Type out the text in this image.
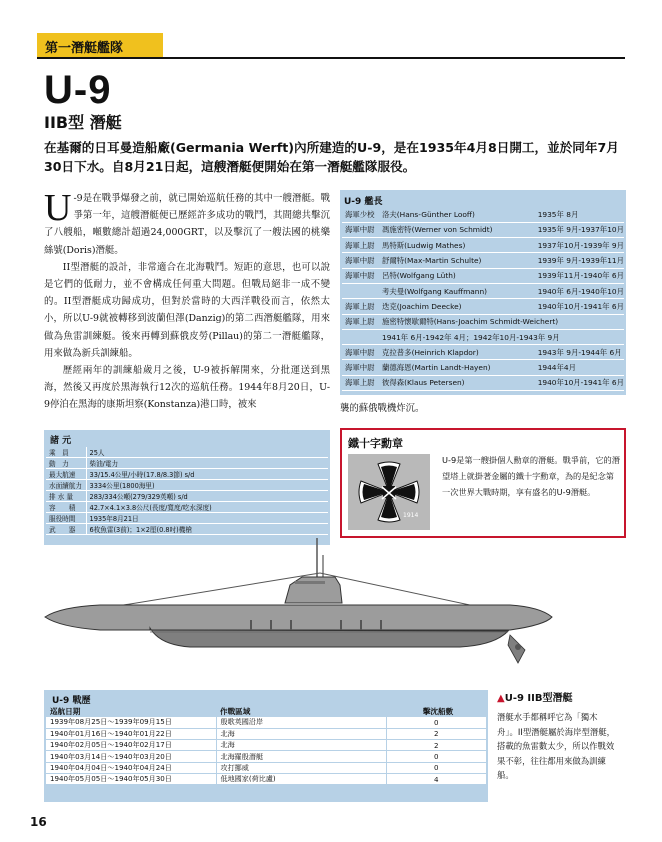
第一潛艇艦隊
U-9
IIB型 潛艇
在基爾的日耳曼造船廠(Germania Werft)內所建造的U-9，是在1935年4月8日開工，並於同年7月30日下水。自8月21日起，這艘潛艇便開始在第一潛艇艦隊服役。

U -9是在戰爭爆發之前，就已開始巡航任務的其中一艘潛艇。戰爭第一年，這艘潛艇便已歷經許多成功的戰鬥，其間總共擊沉了八艘船，噸數總計超過24,000GRT，以及擊沉了一艘法國的桃樂絲號(Doris)潛艇。

II型潛艇的設計，非常適合在北海戰鬥。短距的意思，也可以說是它們的低耐力，並不會構成任何重大問題。但戰局絕非一成不變的。II型潛艇成功歸成功，但對於當時的大西洋戰役而言，依然太小，所以U-9就被轉移到波蘭但澤(Danzig)的第二西潛艇艦隊，用來做為魚雷訓練艇。後來再轉到蘇俄皮勞(Pillau)的第二一潛艇艦隊，用來做為新兵訓練船。

歷經兩年的訓練船歲月之後，U-9被拆解開來，分批運送到黑海，然後又再度於黑海執行12次的巡航任務。1944年8月20日，U-9停泊在黑海的康斯坦察(Konstanza)港口時，被來	襲的蘇俄戰機炸沉。
U-9 艦長
海軍少校	洛夫(Hans-Günther Looff)	1935年 8月
海軍中尉	馮施密特(Werner von Schmidt)	1935年 9月-1937年10月
海軍上尉	馬特斯(Ludwig Mathes)	1937年10月-1939年 9月
海軍中尉	舒爾特(Max-Martin Schulte)	1939年 9月-1939年11月
海軍中尉	呂特(Wolfgang Lüth)	1939年11月-1940年 6月
	考夫曼(Wolfgang Kauffmann)	1940年 6月-1940年10月
海軍上尉	迭克(Joachim Deecke)	1940年10月-1941年 6月
海軍上尉	施密特懷歇爾特(Hans-Joachim Schmidt-Weichert)	
	1941年 6月-1942年 4月；1942年10月-1943年 9月	
海軍中尉	克拉普多(Heinrich Klapdor)	1943年 9月-1944年 6月
海軍中尉	蘭德海恩(Martin Landt-Hayen)	1944年4月
海軍上尉	彼得森(Klaus Petersen)	1940年10月-1941年 6月
諸 元
乘　員	25人
動　力	柴油/電力
最大航速	33/15.4公里/小時(17.8/8.3節) s/d
水面續航力	3334公里(1800海里)
排 水 量	283/334公噸(279/329英噸) s/d
容　　積	42.7×4.1×3.8公尺(長度/寬度/吃水深度)
服役時間	1935年8月21日
武　　器	6枚魚雷(3前)；1×2厘(0.8吋)機槍
鐵十字勳章
1914
U-9是第一艘掛個人勳章的潛艇。戰爭前，它的潛望塔上就掛著金屬的鐵十字勳章，為的是紀念第一次世界大戰時期，享有盛名的U-9潛艇。
U-9 戰歷
巡航日期	作戰區域	擊沈船數
1939年08月25日～1939年09月15日	殷歌英國沿岸	0
1940年01月16日～1940年01月22日	北海	2
1940年02月05日～1940年02月17日	北海	2
1940年03月14日～1940年03月20日	北海羅殷潛艇	0
1940年04月04日～1940年04月24日	攻打挪威	0
1940年05月05日～1940年05月30日	低地國家(荷比盧)	4
▲U-9 IIB型潛艇
潛艇水手都稱呼它為「獨木舟」。II型潛艇屬於海岸型潛艇，搭載的魚雷數太少，所以作戰效果不彰，往往都用來做為訓練船。
16
